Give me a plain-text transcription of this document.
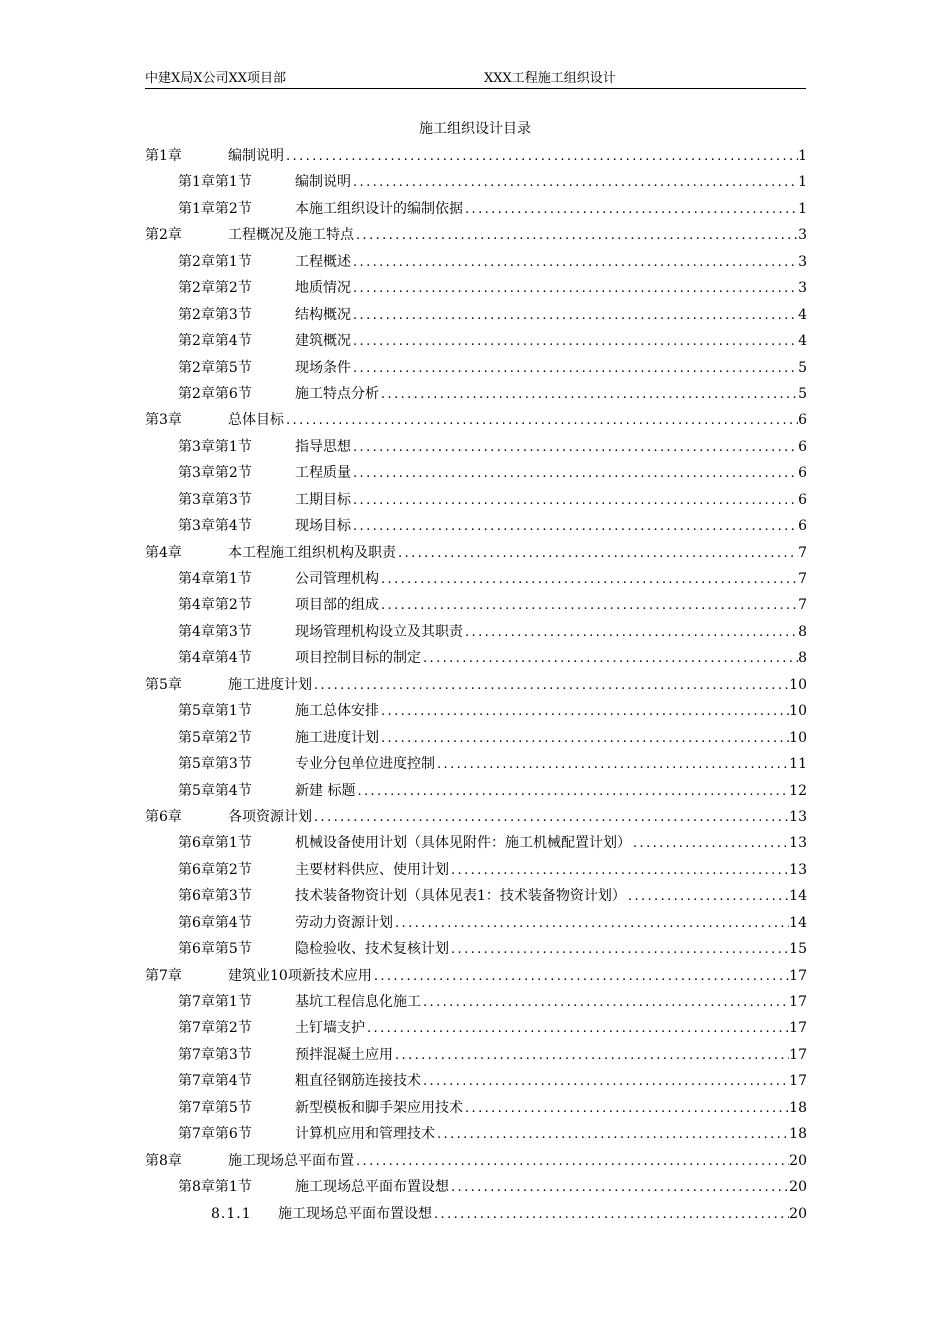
中建X局X公司XX项目部	XXX工程施工组织设计
施工组织设计目录
第1章	编制说明 .....	1
第1章第1节	编制说明 .....	1
第1章第2节	本施工组织设计的编制依据 .....	1
第2章	工程概况及施工特点 .....	3
第2章第1节	工程概述 .....	3
第2章第2节	地质情况 .....	3
第2章第3节	结构概况 .....	4
第2章第4节	建筑概况 .....	4
第2章第5节	现场条件 .....	5
第2章第6节	施工特点分析 .....	5
第3章	总体目标 .....	6
第3章第1节	指导思想 .....	6
第3章第2节	工程质量 .....	6
第3章第3节	工期目标 .....	6
第3章第4节	现场目标 .....	6
第4章	本工程施工组织机构及职责 .....	7
第4章第1节	公司管理机构 .....	7
第4章第2节	项目部的组成 .....	7
第4章第3节	现场管理机构设立及其职责 .....	8
第4章第4节	项目控制目标的制定 .....	8
第5章	施工进度计划 .....	10
第5章第1节	施工总体安排 .....	10
第5章第2节	施工进度计划 .....	10
第5章第3节	专业分包单位进度控制 .....	11
第5章第4节	新建 标题 .....	12
第6章	各项资源计划 .....	13
第6章第1节	机械设备使用计划（具体见附件：施工机械配置计划） .....	13
第6章第2节	主要材料供应、使用计划 .....	13
第6章第3节	技术装备物资计划（具体见表1：技术装备物资计划） .....	14
第6章第4节	劳动力资源计划 .....	14
第6章第5节	隐检验收、技术复核计划 .....	15
第7章	建筑业10项新技术应用 .....	17
第7章第1节	基坑工程信息化施工 .....	17
第7章第2节	土钉墙支护 .....	17
第7章第3节	预拌混凝土应用 .....	17
第7章第4节	粗直径钢筋连接技术 .....	17
第7章第5节	新型模板和脚手架应用技术 .....	18
第7章第6节	计算机应用和管理技术 .....	18
第8章	施工现场总平面布置 .....	20
第8章第1节	施工现场总平面布置设想 .....	20
8.1.1	施工现场总平面布置设想 .....	20
